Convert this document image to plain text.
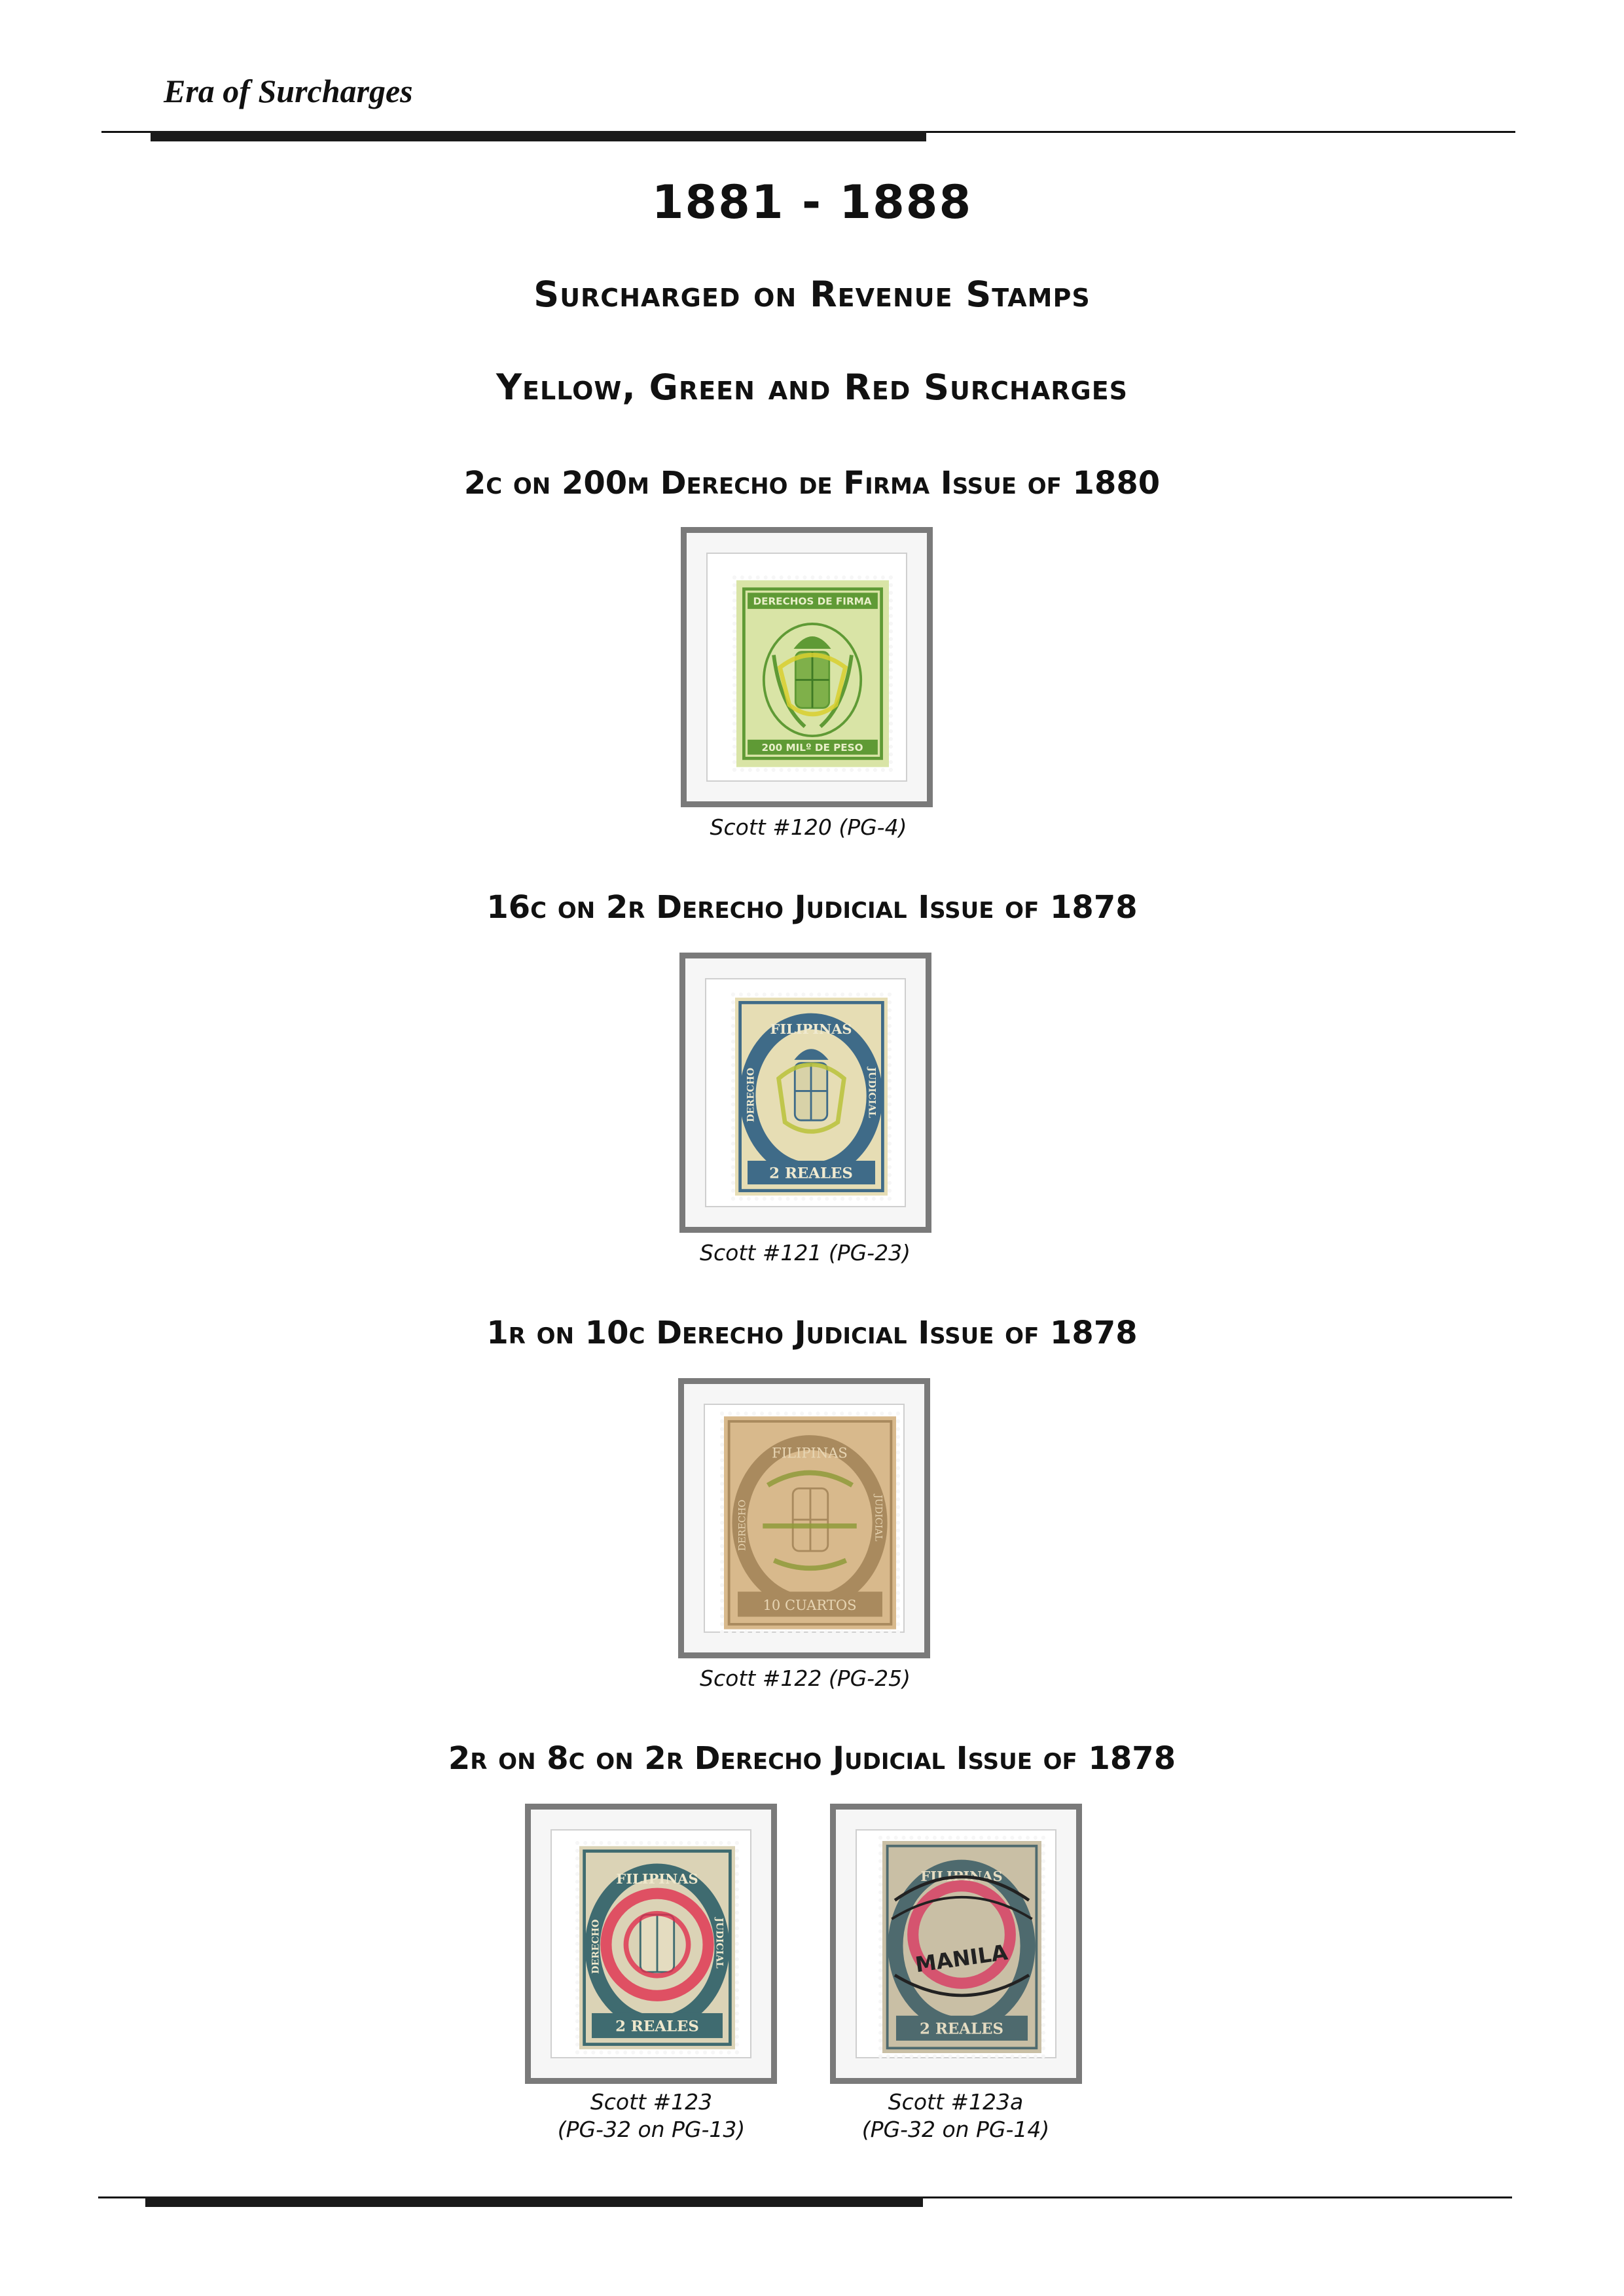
Era of Surcharges
1881 - 1888
Surcharged on Revenue Stamps
Yellow, Green and Red Surcharges
2c on 200m Derecho de Firma Issue of 1880
DERECHOS DE FIRMA
200 MILº DE PESO
Scott #120 (PG-4)
16c on 2r Derecho Judicial Issue of 1878
FILIPINAS
DERECHO	JUDICIAL
2 REALES
Scott #121 (PG-23)
1r on 10c Derecho Judicial Issue of 1878
FILIPINAS
DERECHO	JUDICIAL
10 CUARTOS
Scott #122 (PG-25)
2r on 8c on 2r Derecho Judicial Issue of 1878
FILIPINAS
DERECHO	JUDICIAL
2 REALES
Scott #123
(PG-32 on PG-13)
FILIPINAS
MANILA
2 REALES
Scott #123a
(PG-32 on PG-14)
